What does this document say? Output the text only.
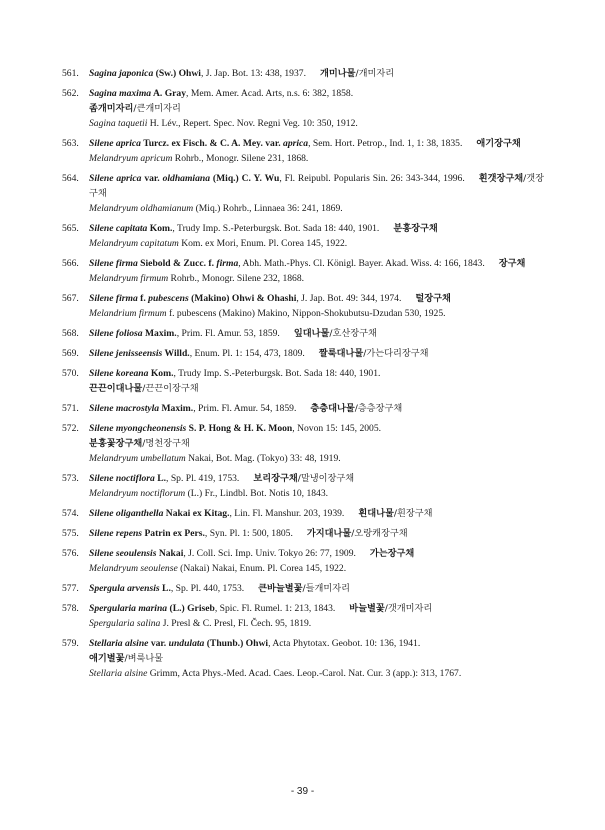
561. Sagina japonica (Sw.) Ohwi, J. Jap. Bot. 13: 438, 1937. 개미나물/개미자리
562. Sagina maxima A. Gray, Mem. Amer. Acad. Arts, n.s. 6: 382, 1858.
좀개미자리/큰개미자리
Sagina taquetii H. Lév., Repert. Spec. Nov. Regni Veg. 10: 350, 1912.
563. Silene aprica Turcz. ex Fisch. & C. A. Mey. var. aprica, Sem. Hort. Petrop., Ind. 1, 1: 38, 1835. 애기장구채
Melandryum apricum Rohrb., Monogr. Silene 231, 1868.
564. Silene aprica var. oldhamiana (Miq.) C. Y. Wu, Fl. Reipubl. Popularis Sin. 26: 343-344, 1996. 흰갯장구채/갯장구채
Melandryum oldhamianum (Miq.) Rohrb., Linnaea 36: 241, 1869.
565. Silene capitata Kom., Trudy Imp. S.-Peterburgsk. Bot. Sada 18: 440, 1901. 분홍장구채
Melandryum capitatum Kom. ex Mori, Enum. Pl. Corea 145, 1922.
566. Silene firma Siebold & Zucc. f. firma, Abh. Math.-Phys. Cl. Königl. Bayer. Akad. Wiss. 4: 166, 1843. 장구채
Melandryum firmum Rohrb., Monogr. Silene 232, 1868.
567. Silene firma f. pubescens (Makino) Ohwi & Ohashi, J. Jap. Bot. 49: 344, 1974. 털장구채
Melandrium firmum f. pubescens (Makino) Makino, Nippon-Shokubutsu-Dzudan 530, 1925.
568. Silene foliosa Maxim., Prim. Fl. Amur. 53, 1859. 잎대나물/호산장구채
569. Silene jenisseensis Willd., Enum. Pl. 1: 154, 473, 1809. 짤룩대나물/가는다리장구채
570. Silene koreana Kom., Trudy Imp. S.-Peterburgsk. Bot. Sada 18: 440, 1901.
끈끈이대나물/끈끈이장구채
571. Silene macrostyla Maxim., Prim. Fl. Amur. 54, 1859. 층층대나물/층층장구채
572. Silene myongcheonensis S. P. Hong & H. K. Moon, Novon 15: 145, 2005.
분홍꽃장구채/명천장구채
Melandryum umbellatum Nakai, Bot. Mag. (Tokyo) 33: 48, 1919.
573. Silene noctiflora L., Sp. Pl. 419, 1753. 보리장구채/말냉이장구채
Melandryum noctiflorum (L.) Fr., Lindbl. Bot. Notis 10, 1843.
574. Silene oliganthella Nakai ex Kitag., Lin. Fl. Manshur. 203, 1939. 흰대나물/흰장구채
575. Silene repens Patrin ex Pers., Syn. Pl. 1: 500, 1805. 가지대나물/오랑캐장구채
576. Silene seoulensis Nakai, J. Coll. Sci. Imp. Univ. Tokyo 26: 77, 1909. 가는장구채
Melandryum seoulense (Nakai) Nakai, Enum. Pl. Corea 145, 1922.
577. Spergula arvensis L., Sp. Pl. 440, 1753. 큰바늘별꽃/들개미자리
578. Spergularia marina (L.) Griseb, Spic. Fl. Rumel. 1: 213, 1843. 바늘별꽃/갯개미자리
Spergularia salina J. Presl & C. Presl, Fl. Čech. 95, 1819.
579. Stellaria alsine var. undulata (Thunb.) Ohwi, Acta Phytotax. Geobot. 10: 136, 1941.
애기별꽃/벼룩나물
Stellaria alsine Grimm, Acta Phys.-Med. Acad. Caes. Leop.-Carol. Nat. Cur. 3 (app.): 313, 1767.
- 39 -
